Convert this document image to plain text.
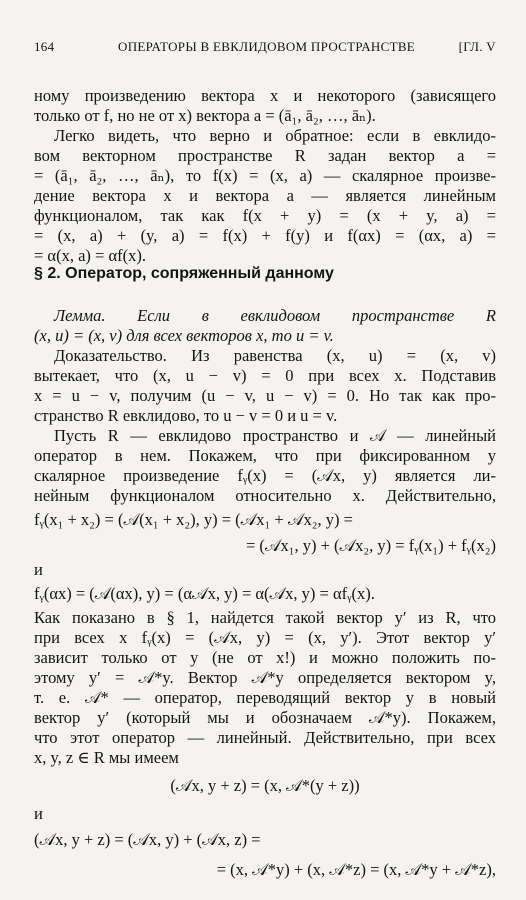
164	ОПЕРАТОРЫ В ЕВКЛИДОВОМ ПРОСТРАНСТВЕ	[ГЛ. V
ному произведению вектора x и некоторого (зависящего
только от f, но не от x) вектора a = (ā₁, ā₂, …, āₙ).
Легко видеть, что верно и обратное: если в евклидо-
вом векторном пространстве R задан вектор a =
= (ā₁, ā₂, …, āₙ), то f(x) = (x, a) — скалярное произве-
дение вектора x и вектора a — является линейным
функционалом, так как f(x + y) = (x + y, a) =
= (x, a) + (y, a) = f(x) + f(y) и f(αx) = (αx, a) =
= α(x, a) = αf(x).
§ 2. Оператор, сопряженный данному
Лемма. Если в евклидовом пространстве R
(x, u) = (x, v) для всех векторов x, то u = v.
Доказательство. Из равенства (x, u) = (x, v)
вытекает, что (x, u − v) = 0 при всех x. Подставив
x = u − v, получим (u − v, u − v) = 0. Но так как про-
странство R евклидово, то u − v = 0 и u = v.
Пусть R — евклидово пространство и 𝒜 — линейный
оператор в нем. Покажем, что при фиксированном y
скалярное произведение fᵧ(x) = (𝒜x, y) является ли-
нейным функционалом относительно x. Действительно,
fᵧ(x₁ + x₂) = (𝒜(x₁ + x₂), y) = (𝒜x₁ + 𝒜x₂, y) =
= (𝒜x₁, y) + (𝒜x₂, y) = fᵧ(x₁) + fᵧ(x₂)
и
fᵧ(αx) = (𝒜(αx), y) = (α𝒜x, y) = α(𝒜x, y) = αfᵧ(x).
Как показано в § 1, найдется такой вектор y′ из R, что
при всех x fᵧ(x) = (𝒜x, y) = (x, y′). Этот вектор y′
зависит только от y (не от x!) и можно положить по-
этому y′ = 𝒜*y. Вектор 𝒜*y определяется вектором y,
т. е. 𝒜* — оператор, переводящий вектор y в новый
вектор y′ (который мы и обозначаем 𝒜*y). Покажем,
что этот оператор — линейный. Действительно, при всех
x, y, z ∈ R мы имеем
(𝒜x, y + z) = (x, 𝒜*(y + z))
и
(𝒜x, y + z) = (𝒜x, y) + (𝒜x, z) =
= (x, 𝒜*y) + (x, 𝒜*z) = (x, 𝒜*y + 𝒜*z),
